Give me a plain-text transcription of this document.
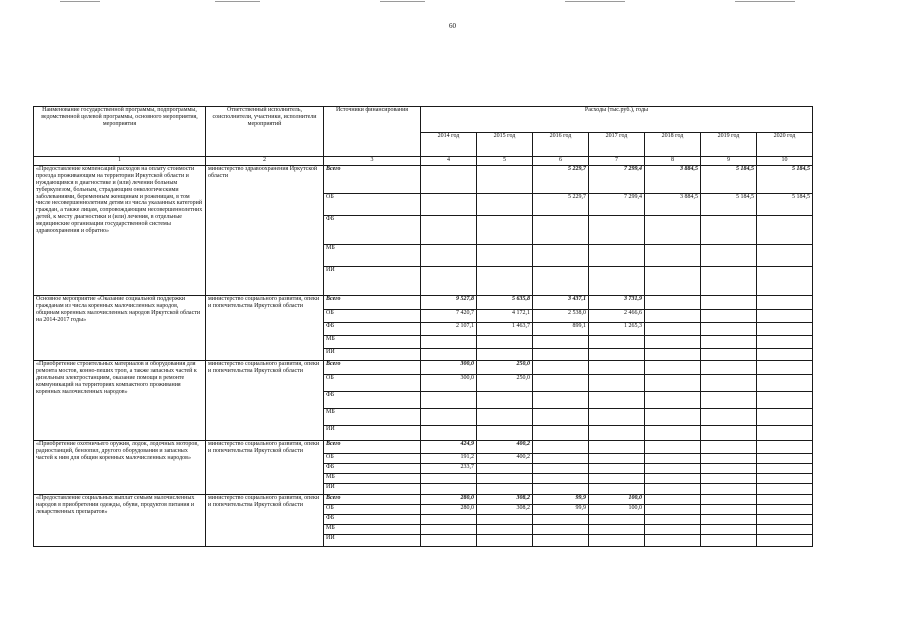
60
Наименование государственной программы, подпрограммы, ведомственной целевой программы, основного мероприятия, мероприятия	Ответственный исполнитель, соисполнители, участники, исполнители мероприятий	Источники финансирования	Расходы (тыс.руб.), годы						
			2014 год	2015 год	2016 год	2017 год	2018 год	2019 год	2020 год
1	2	3	4	5	6	7	8	9	10
«Предоставление компенсаций расходов на оплату стоимости проезда проживающим на территории Иркутской области и нуждающимся в диагностике и (или) лечении больным туберкулезом, больным, страдающим онкологическими заболеваниями, беременным женщинам и роженицам, в том числе несовершеннолетним детям из числа указанных категорий граждан, а также лицам, сопровождающим несовершеннолетних детей, к месту диагностики и (или) лечения, в отдельные медицинские организации государственной системы здравоохранения и обратно»	министерство здравоохранения Иркутской области	Всего			5 229,7	7 299,4	3 884,5	5 184,5	5 184,5
		ОБ			5 229,7	7 299,4	3 884,5	5 184,5	5 184,5
		ФБ							
		МБ							
		ИИ							
Основное мероприятие «Оказание социальной поддержки гражданам из числа коренных малочисленных народов, общинам коренных малочисленных народов Иркутской области на 2014-2017 годы»	министерство социального развития, опеки и попечительства Иркутской области	Всего	9 527,8	5 635,8	3 437,1	3 731,9			
		ОБ	7 420,7	4 172,1	2 538,0	2 466,6			
		ФБ	2 107,1	1 463,7	899,1	1 265,3			
		МБ							
		ИИ							
«Приобретение строительных материалов и оборудования для ремонта мостов, конно-пеших троп, а также запасных частей к дизельным электростанциям, оказание помощи в ремонте коммуникаций на территориях компактного проживания коренных малочисленных народов»	министерство социального развития, опеки и попечительства Иркутской области	Всего	300,0	250,0					
		ОБ	300,0	250,0					
		ФБ							
		МБ							
		ИИ							
«Приобретение охотничьего оружия, лодок, лодочных моторов, радиостанций, бензопил, другого оборудования и запасных частей к ним для общин коренных малочисленных народов»	министерство социального развития, опеки и попечительства Иркутской области	Всего	424,9	400,2					
		ОБ	191,2	400,2					
		ФБ	233,7						
		МБ							
		ИИ							
«Предоставление социальных выплат семьям малочисленных народов в приобретении одежды, обуви, продуктов питания и лекарственных препаратов»	министерство социального развития, опеки и попечительства Иркутской области	Всего	280,0	308,2	99,9	100,0			
		ОБ	280,0	308,2	99,9	100,0			
		ФБ							
		МБ							
		ИИ							
